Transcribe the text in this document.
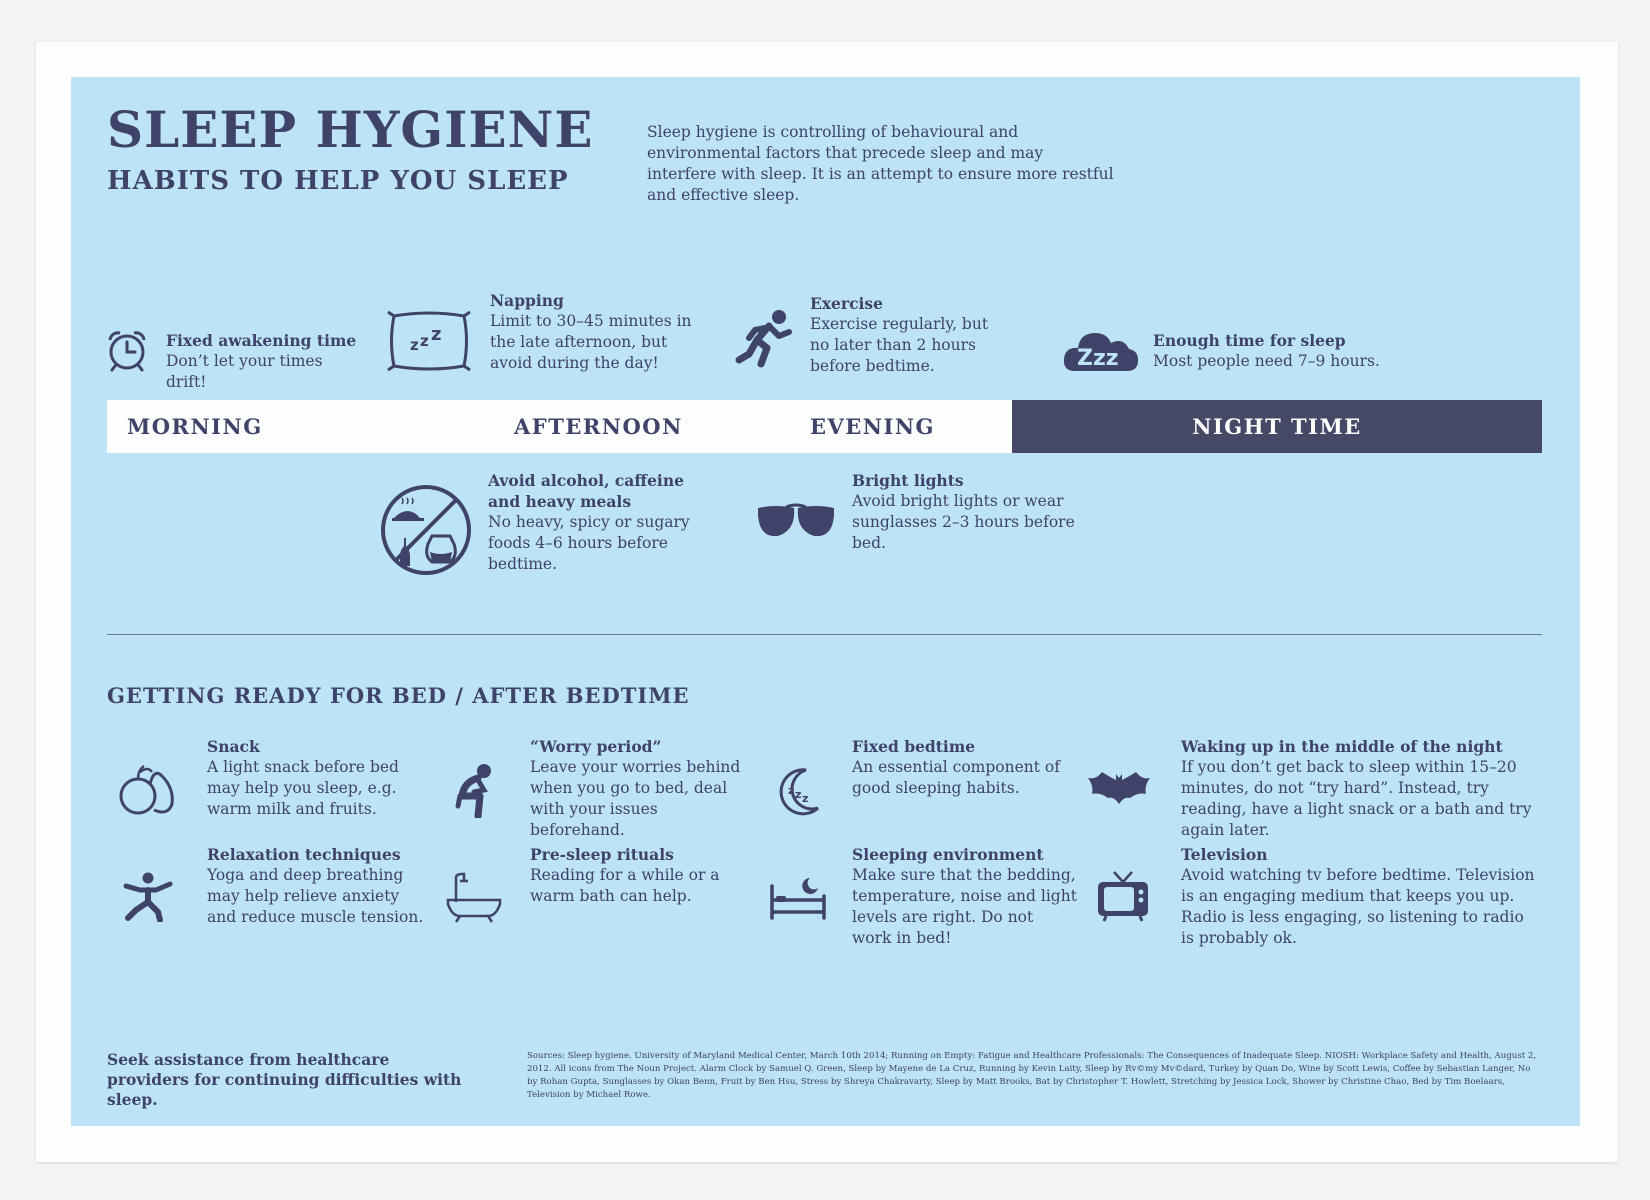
SLEEP HYGIENE
HABITS TO HELP YOU SLEEP

Sleep hygiene is controlling of behavioural and environmental factors that precede sleep and may interfere with sleep. It is an attempt to ensure more restful and effective sleep.

Fixed awakening time
Don’t let your times drift!
z z z
Napping
Limit to 30–45 minutes in the late afternoon, but avoid during the day!
Exercise
Exercise regularly, but no later than 2 hours before bedtime.	Zzz
Enough time for sleep
Most people need 7–9 hours.
MORNING	AFTERNOON	EVENING	NIGHT TIME
Avoid alcohol, caffeine and heavy meals
No heavy, spicy or sugary foods 4–6 hours before bedtime.
Bright lights
Avoid bright lights or wear sunglasses 2–3 hours before bed.
GETTING READY FOR BED / AFTER BEDTIME
Snack
A light snack before bed may help you sleep, e.g. warm milk and fruits.
“Worry period”
Leave your worries behind when you go to bed, deal with your issues beforehand.
z z z
Fixed bedtime
An essential component of good sleeping habits.
Waking up in the middle of the night
If you don’t get back to sleep within 15–20 minutes, do not “try hard”. Instead, try reading, have a light snack or a bath and try again later.
Relaxation techniques
Yoga and deep breathing may help relieve anxiety and reduce muscle tension.
Pre-sleep rituals
Reading for a while or a warm bath can help.
Sleeping environment
Make sure that the bedding, temperature, noise and light levels are right. Do not work in bed!
Television
Avoid watching tv before bedtime. Television is an engaging medium that keeps you up. Radio is less engaging, so listening to radio is probably ok.
Seek assistance from healthcare providers for continuing difficulties with sleep.
Sources: Sleep hygiene. University of Maryland Medical Center, March 10th 2014; Running on Empty: Fatigue and Healthcare Professionals: The Consequences of Inadequate Sleep. NIOSH: Workplace Safety and Health, August 2, 2012. All icons from The Noun Project. Alarm Clock by Samuel Q. Green, Sleep by Mayene de La Cruz, Running by Kevin Laity, Sleep by Rv©my Mv©dard, Turkey by Quan Do, Wine by Scott Lewis, Coffee by Sebastian Langer, No by Rohan Gupta, Sunglasses by Okan Benn, Fruit by Ben Hsu, Stress by Shreya Chakravarty, Sleep by Matt Brooks, Bat by Christopher T. Howlett, Stretching by Jessica Lock, Shower by Christine Chao, Bed by Tim Boelaars, Television by Michael Rowe.
